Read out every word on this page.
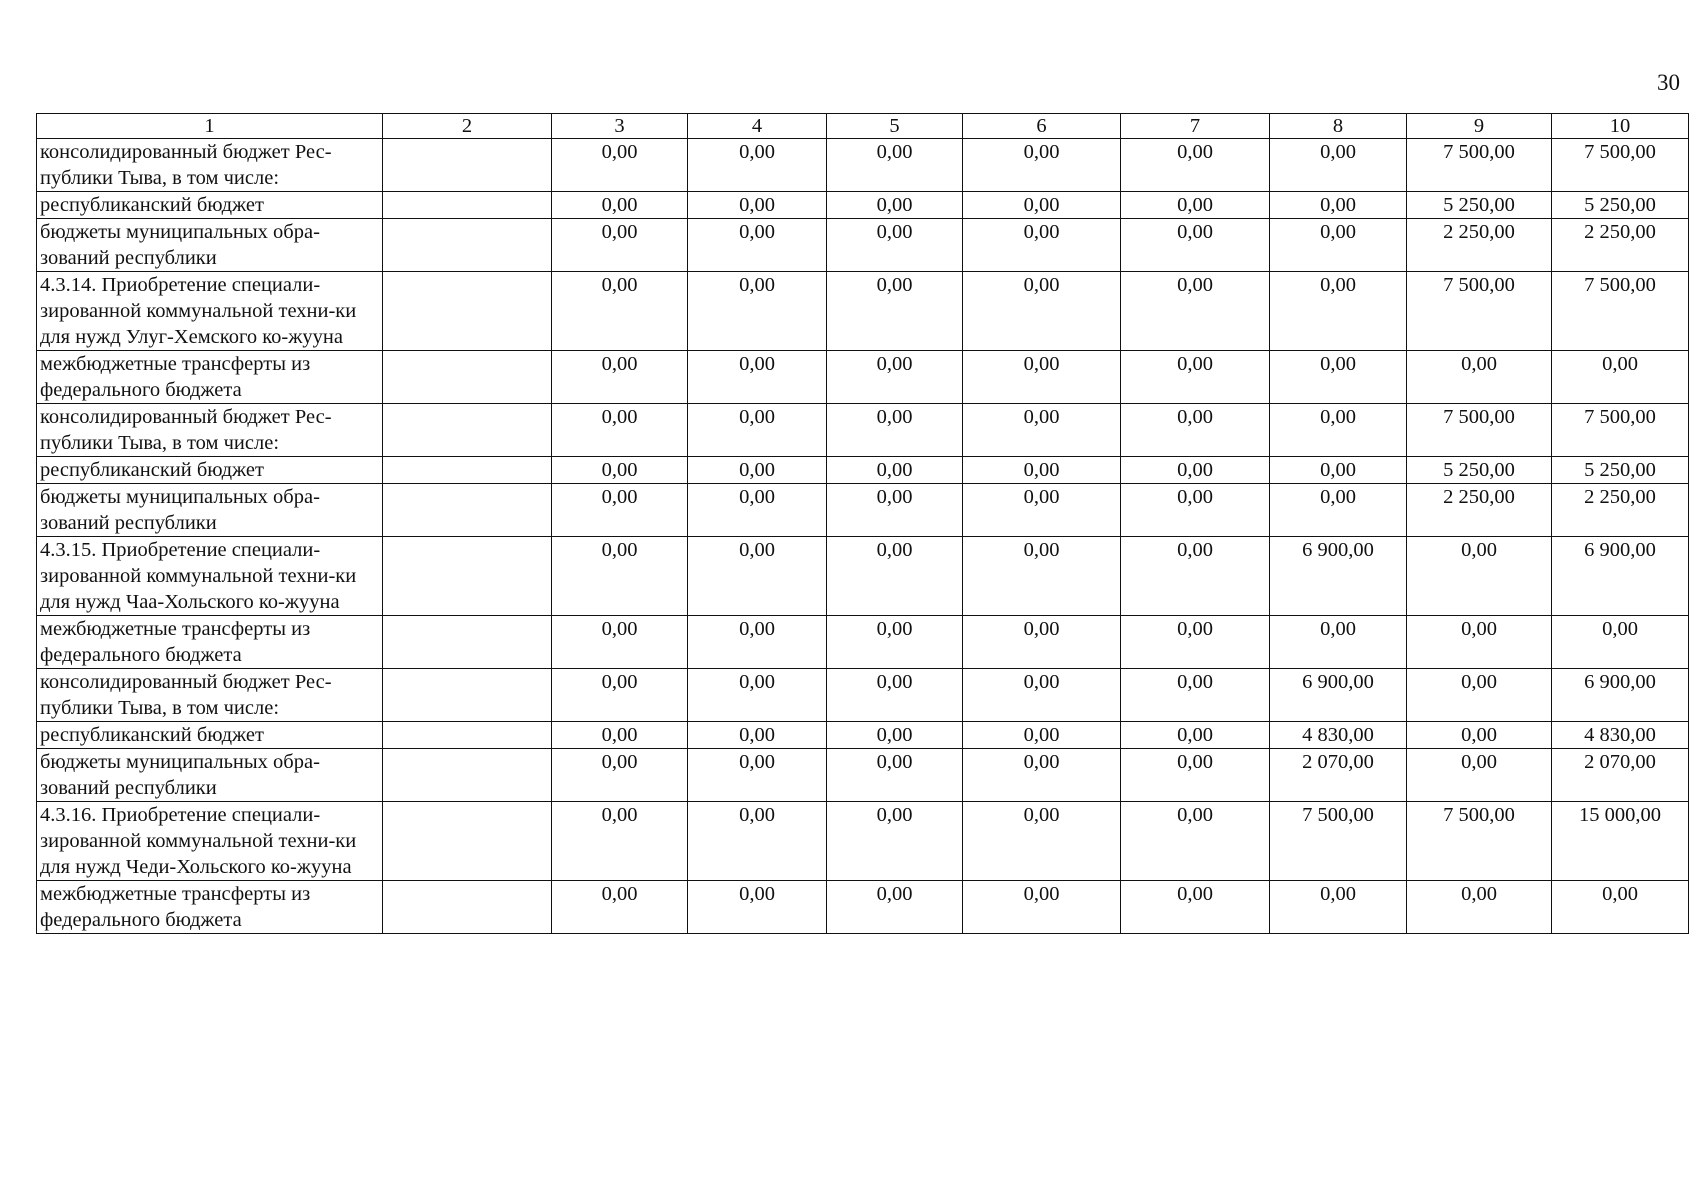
30
1	2	3	4	5	6	7	8	9	10
консолидированный бюджет Рес-публики Тыва, в том числе:		0,00	0,00	0,00	0,00	0,00	0,00	7 500,00	7 500,00
республиканский бюджет		0,00	0,00	0,00	0,00	0,00	0,00	5 250,00	5 250,00
бюджеты муниципальных обра-зований республики		0,00	0,00	0,00	0,00	0,00	0,00	2 250,00	2 250,00
4.3.14. Приобретение специали-зированной коммунальной техни-ки для нужд Улуг-Хемского ко-жууна		0,00	0,00	0,00	0,00	0,00	0,00	7 500,00	7 500,00
межбюджетные трансферты из федерального бюджета		0,00	0,00	0,00	0,00	0,00	0,00	0,00	0,00
консолидированный бюджет Рес-публики Тыва, в том числе:		0,00	0,00	0,00	0,00	0,00	0,00	7 500,00	7 500,00
республиканский бюджет		0,00	0,00	0,00	0,00	0,00	0,00	5 250,00	5 250,00
бюджеты муниципальных обра-зований республики		0,00	0,00	0,00	0,00	0,00	0,00	2 250,00	2 250,00
4.3.15. Приобретение специали-зированной коммунальной техни-ки для нужд Чаа-Хольского ко-жууна		0,00	0,00	0,00	0,00	0,00	6 900,00	0,00	6 900,00
межбюджетные трансферты из федерального бюджета		0,00	0,00	0,00	0,00	0,00	0,00	0,00	0,00
консолидированный бюджет Рес-публики Тыва, в том числе:		0,00	0,00	0,00	0,00	0,00	6 900,00	0,00	6 900,00
республиканский бюджет		0,00	0,00	0,00	0,00	0,00	4 830,00	0,00	4 830,00
бюджеты муниципальных обра-зований республики		0,00	0,00	0,00	0,00	0,00	2 070,00	0,00	2 070,00
4.3.16. Приобретение специали-зированной коммунальной техни-ки для нужд Чеди-Хольского ко-жууна		0,00	0,00	0,00	0,00	0,00	7 500,00	7 500,00	15 000,00
межбюджетные трансферты из федерального бюджета		0,00	0,00	0,00	0,00	0,00	0,00	0,00	0,00
